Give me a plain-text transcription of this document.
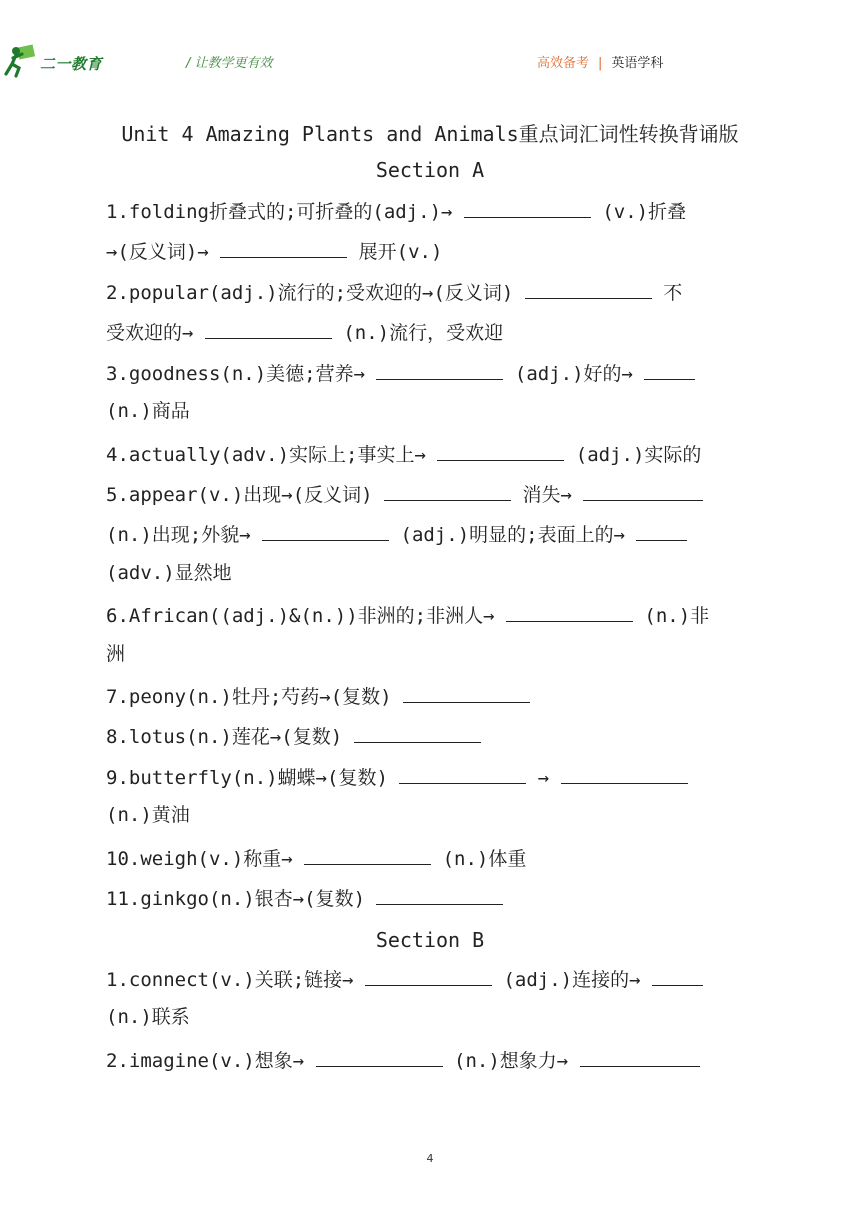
二一教育	/ 让教学更有效	高效备考 | 英语学科
Unit 4 Amazing Plants and Animals重点词汇词性转换背诵版
Section A
1.folding折叠式的;可折叠的(adj.)→	(v.)折叠
→(反义词)→	展开(v.)
2.popular(adj.)流行的;受欢迎的→(反义词)	不
受欢迎的→	(n.)流行，受欢迎
3.goodness(n.)美德;营养→	(adj.)好的→
(n.)商品
4.actually(adv.)实际上;事实上→	(adj.)实际的
5.appear(v.)出现→(反义词)	消失→
(n.)出现;外貌→	(adj.)明显的;表面上的→
(adv.)显然地
6.African((adj.)&(n.))非洲的;非洲人→	(n.)非
洲
7.peony(n.)牡丹;芍药→(复数)
8.lotus(n.)莲花→(复数)
9.butterfly(n.)蝴蝶→(复数)	→
(n.)黄油
10.weigh(v.)称重→	(n.)体重
11.ginkgo(n.)银杏→(复数)
Section B
1.connect(v.)关联;链接→	(adj.)连接的→
(n.)联系
2.imagine(v.)想象→	(n.)想象力→
4
